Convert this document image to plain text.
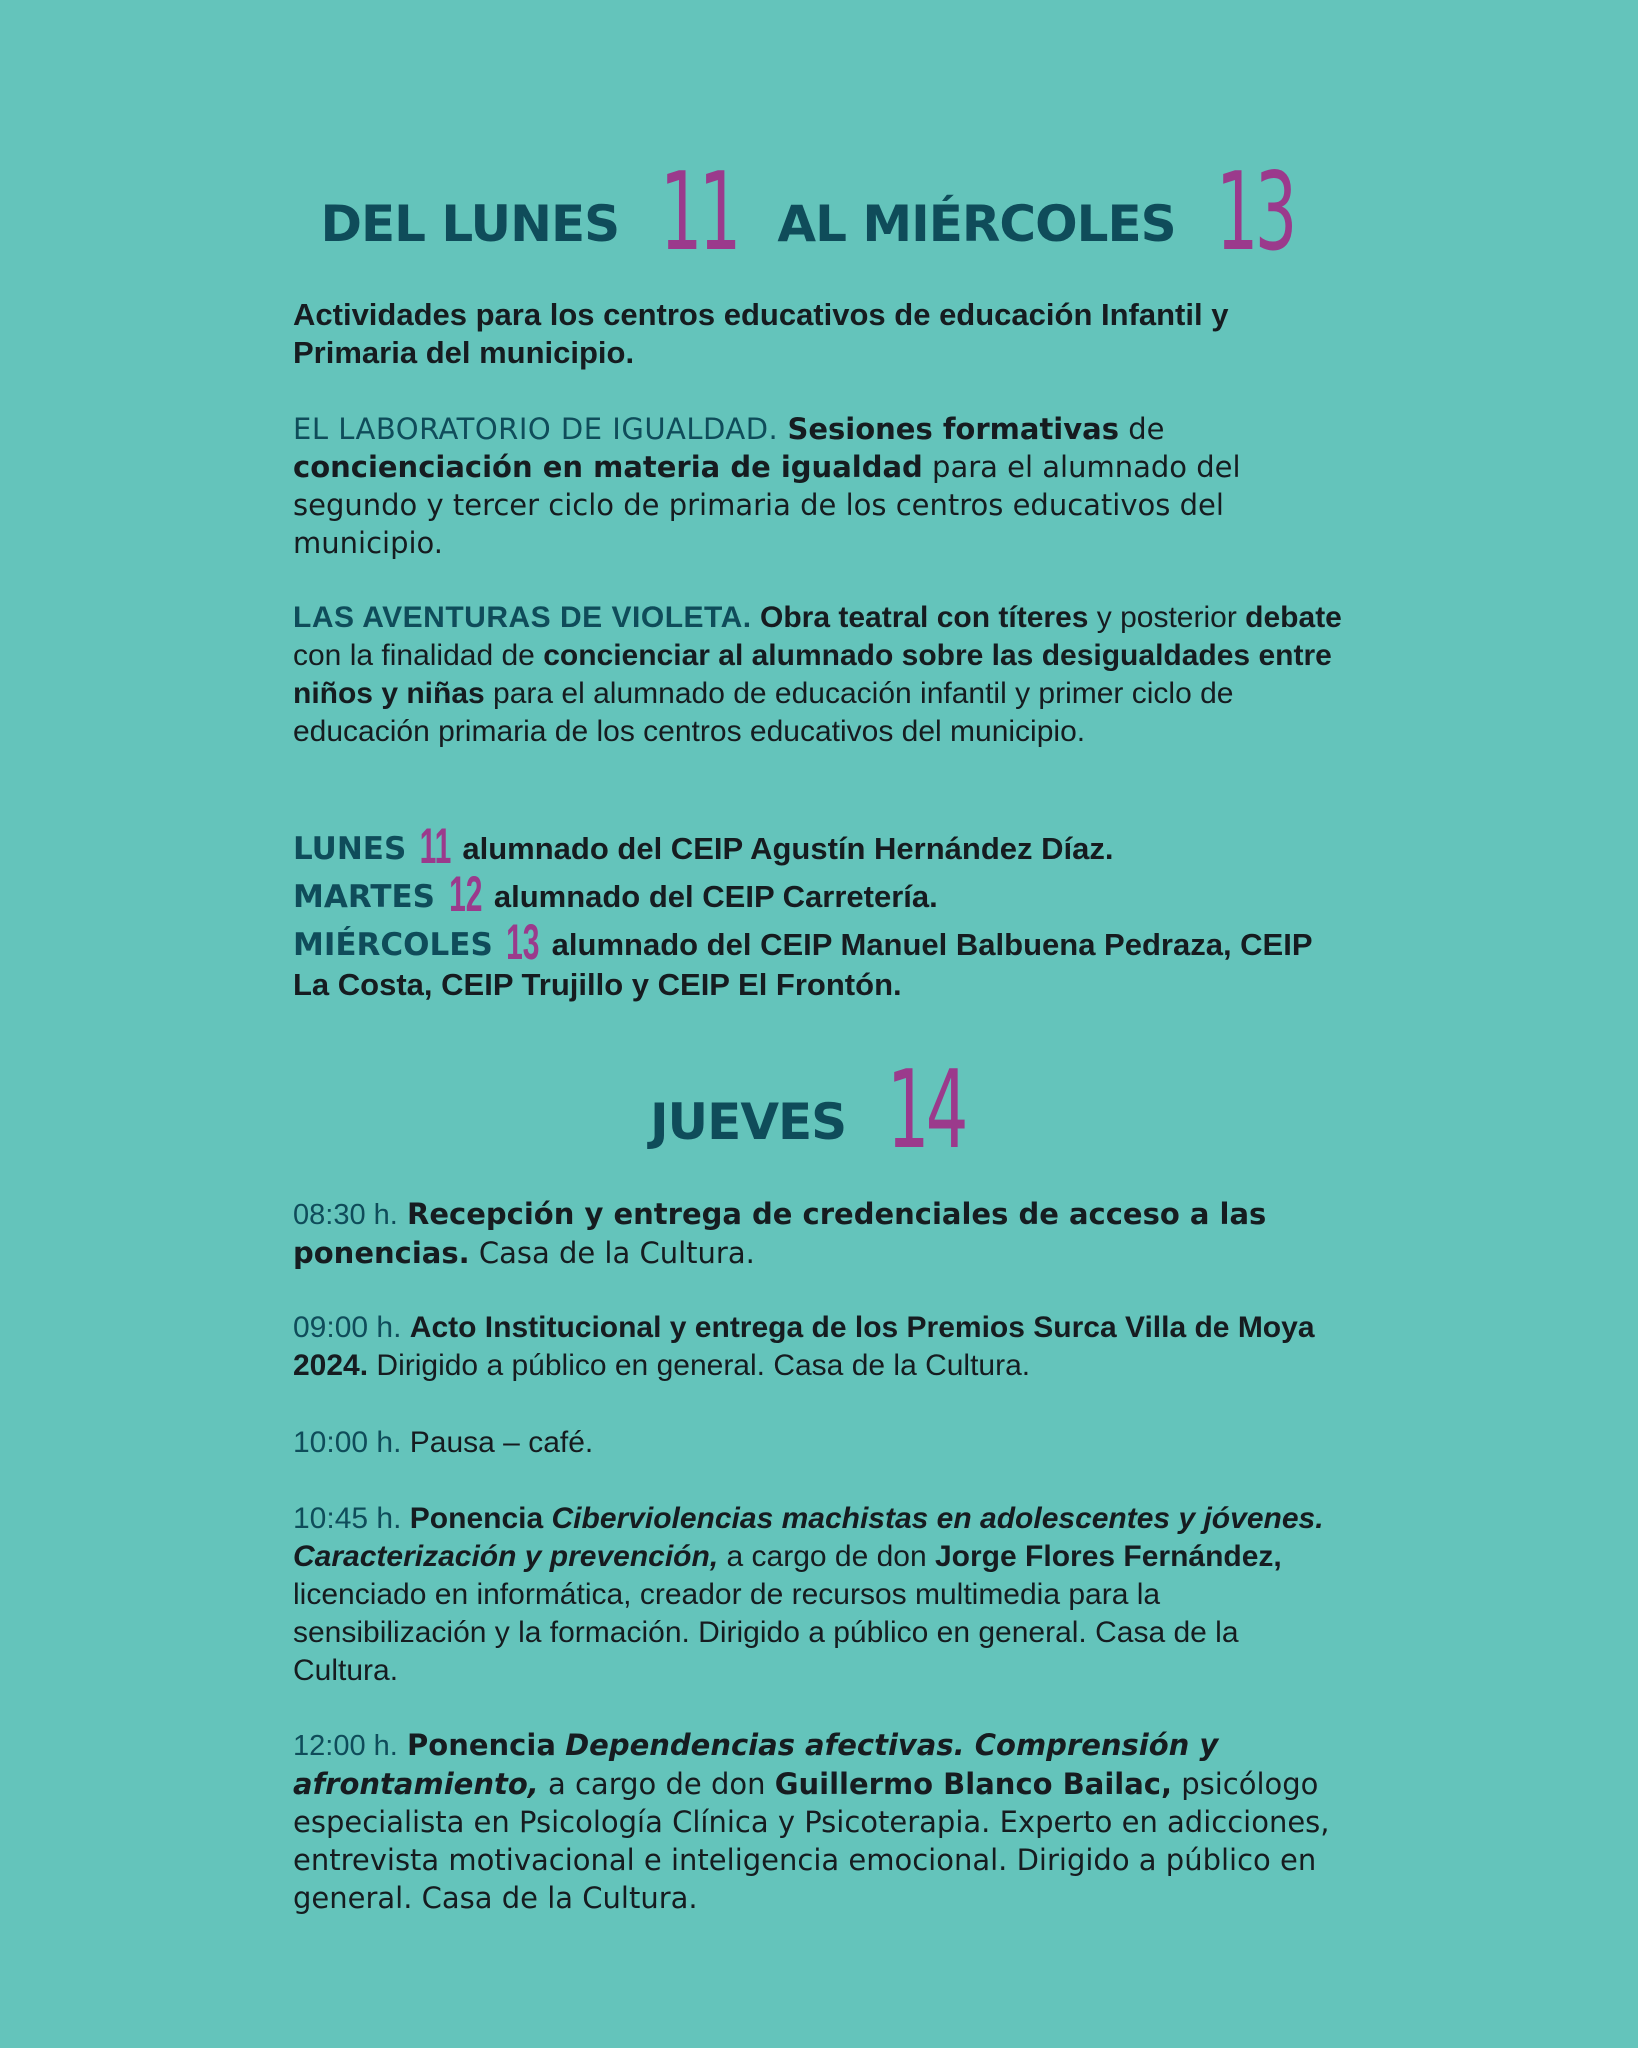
DEL LUNES 11 AL MIÉRCOLES 13
Actividades para los centros educativos de educación Infantil y Primaria del municipio.
EL LABORATORIO DE IGUALDAD. Sesiones formativas de concienciación en materia de igualdad para el alumnado del segundo y tercer ciclo de primaria de los centros educativos del municipio.
LAS AVENTURAS DE VIOLETA. Obra teatral con títeres y posterior debate con la finalidad de concienciar al alumnado sobre las desigualdades entre niños y niñas para el alumnado de educación infantil y primer ciclo de educación primaria de los centros educativos del municipio.
LUNES 11 alumnado del CEIP Agustín Hernández Díaz.
MARTES 12 alumnado del CEIP Carretería.
MIÉRCOLES 13 alumnado del CEIP Manuel Balbuena Pedraza, CEIP La Costa, CEIP Trujillo y CEIP El Frontón.
JUEVES 14
08:30 h. Recepción y entrega de credenciales de acceso a las ponencias. Casa de la Cultura.
09:00 h. Acto Institucional y entrega de los Premios Surca Villa de Moya 2024. Dirigido a público en general. Casa de la Cultura.
10:00 h. Pausa – café.
10:45 h. Ponencia Ciberviolencias machistas en adolescentes y jóvenes. Caracterización y prevención, a cargo de don Jorge Flores Fernández, licenciado en informática, creador de recursos multimedia para la sensibilización y la formación. Dirigido a público en general. Casa de la Cultura.
12:00 h. Ponencia Dependencias afectivas. Comprensión y afrontamiento, a cargo de don Guillermo Blanco Bailac, psicólogo especialista en Psicología Clínica y Psicoterapia. Experto en adicciones, entrevista motivacional e inteligencia emocional. Dirigido a público en general. Casa de la Cultura.
